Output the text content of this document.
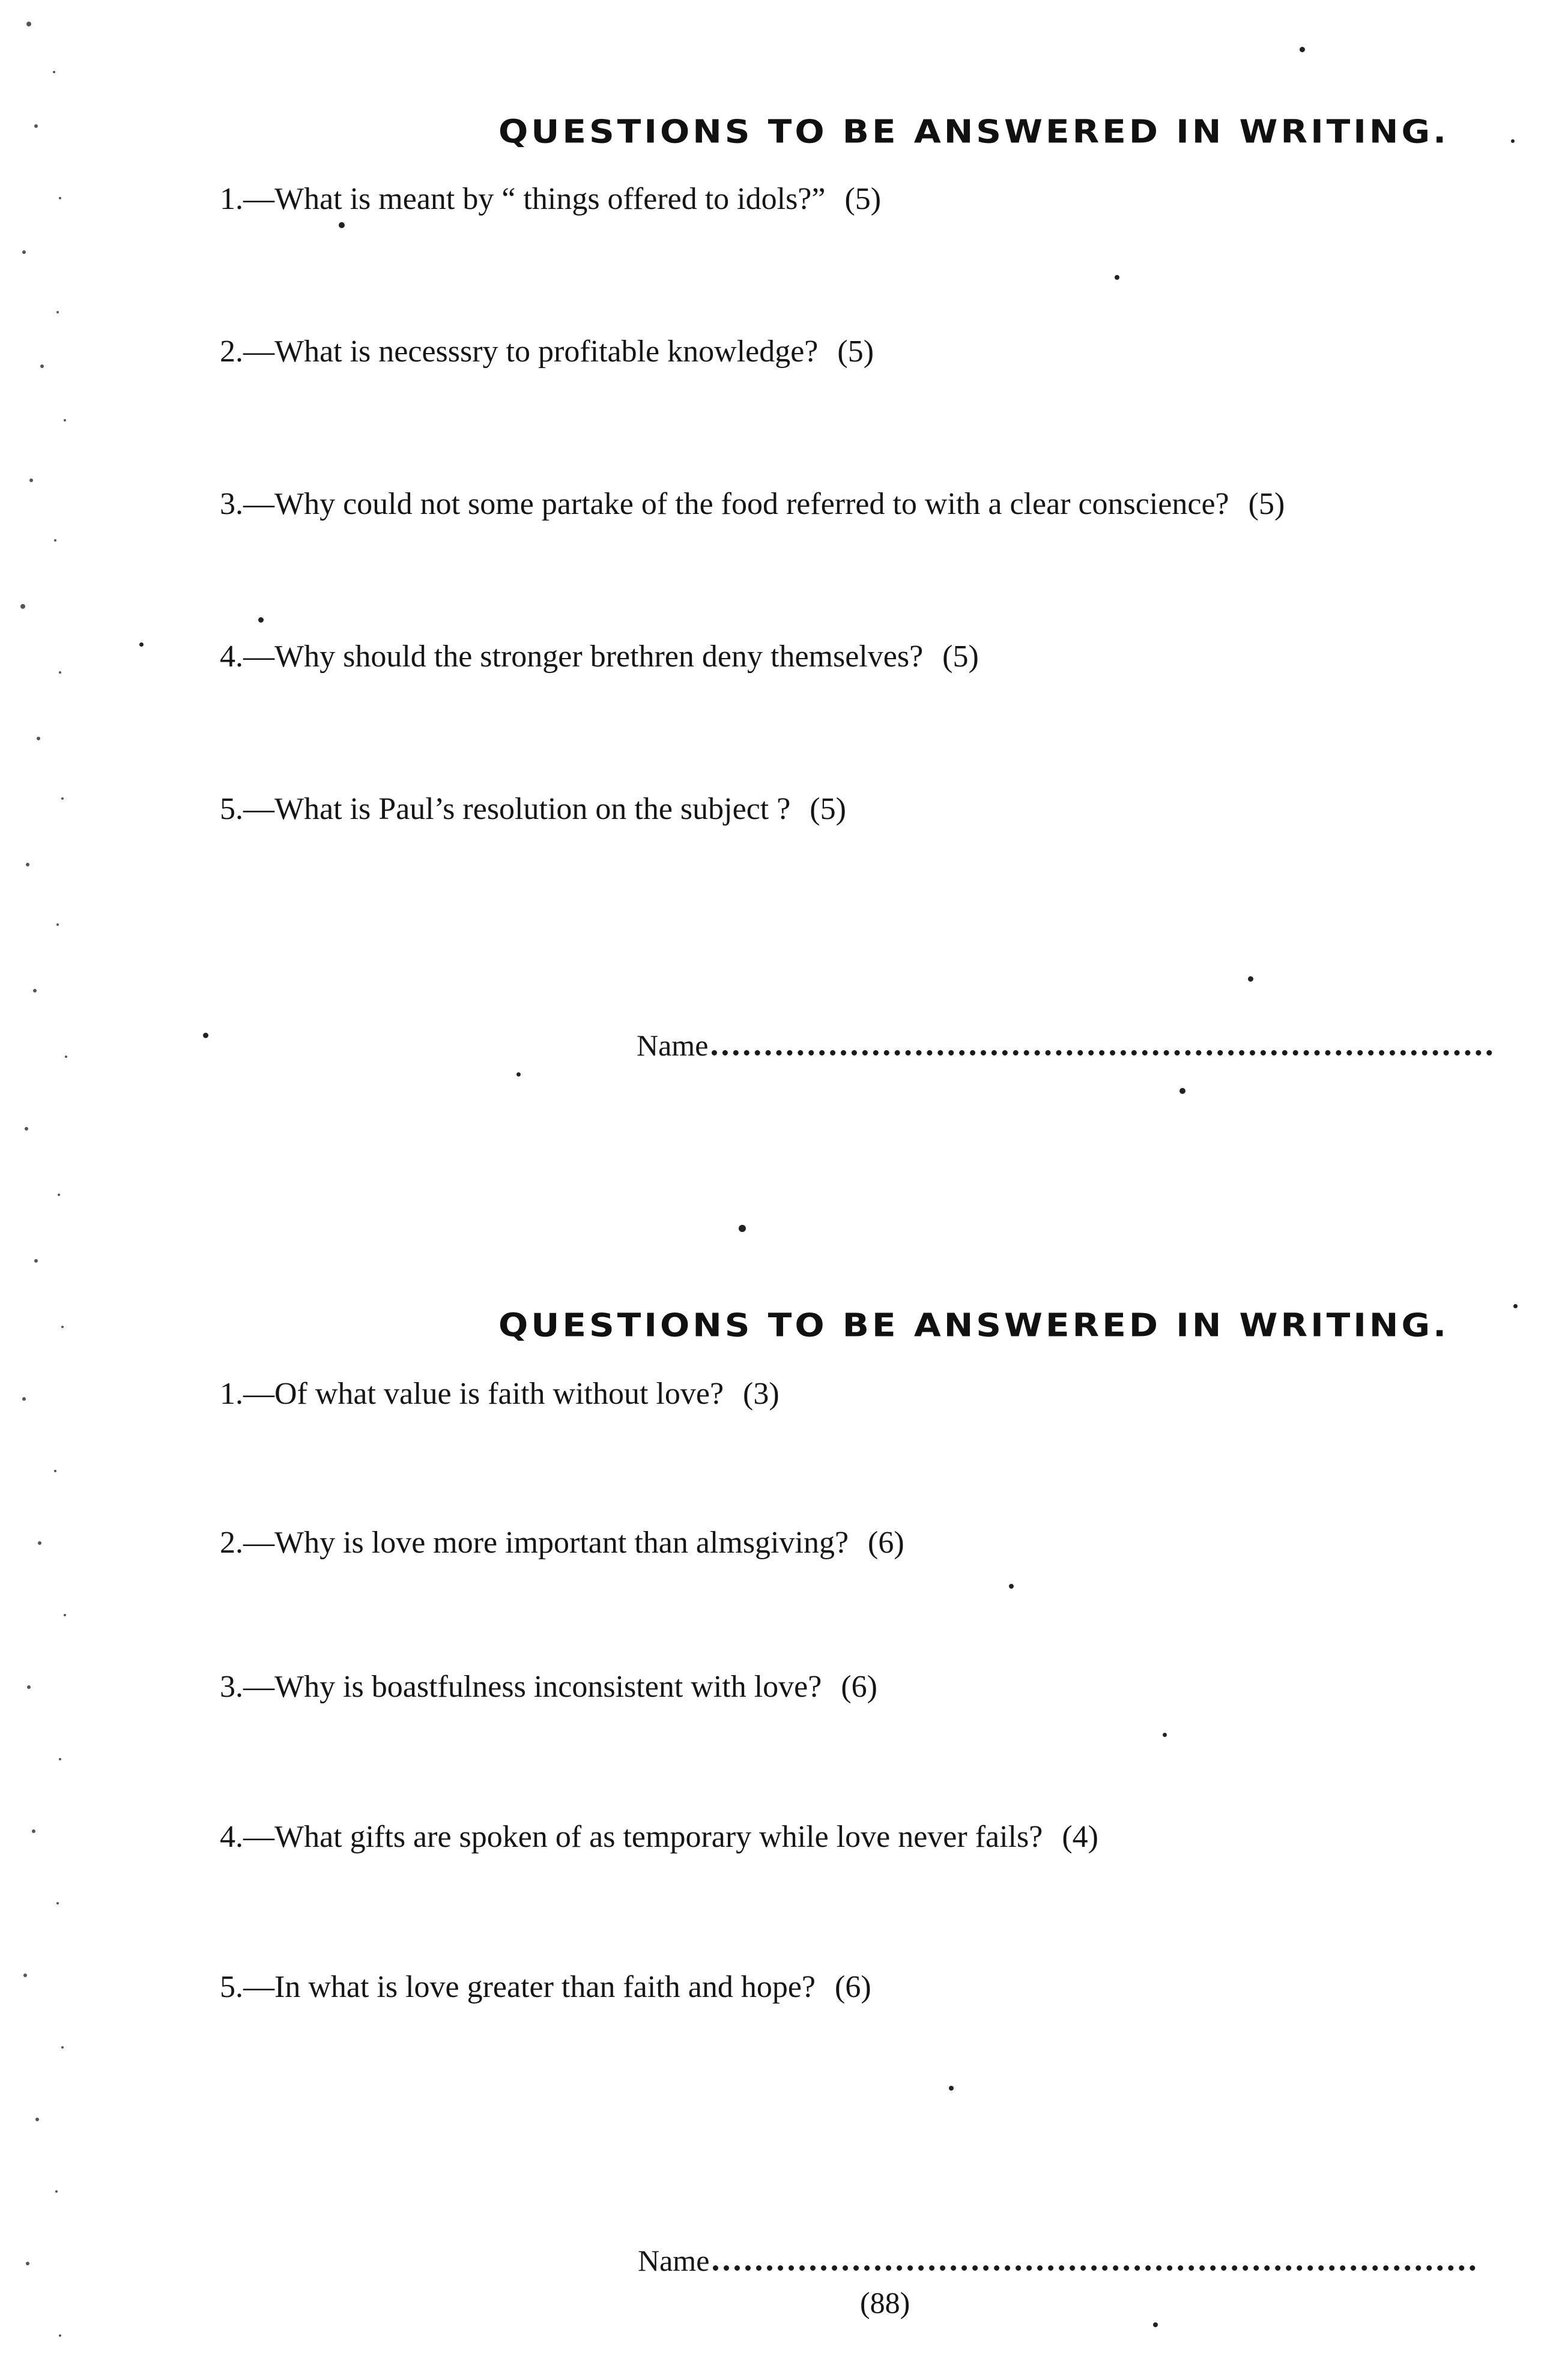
QUESTIONS TO BE ANSWERED IN WRITING.
1.—What is meant by “ things offered to idols?” (5)
2.—What is necesssry to profitable knowledge? (5)
3.—Why could not some partake of the food referred to with a clear conscience? (5)
4.—Why should the stronger brethren deny themselves? (5)
5.—What is Paul’s resolution on the subject ? (5)
Name
QUESTIONS TO BE ANSWERED IN WRITING.
1.—Of what value is faith without love? (3)
2.—Why is love more important than almsgiving? (6)
3.—Why is boastfulness inconsistent with love? (6)
4.—What gifts are spoken of as temporary while love never fails? (4)
5.—In what is love greater than faith and hope? (6)
Name
(88)
